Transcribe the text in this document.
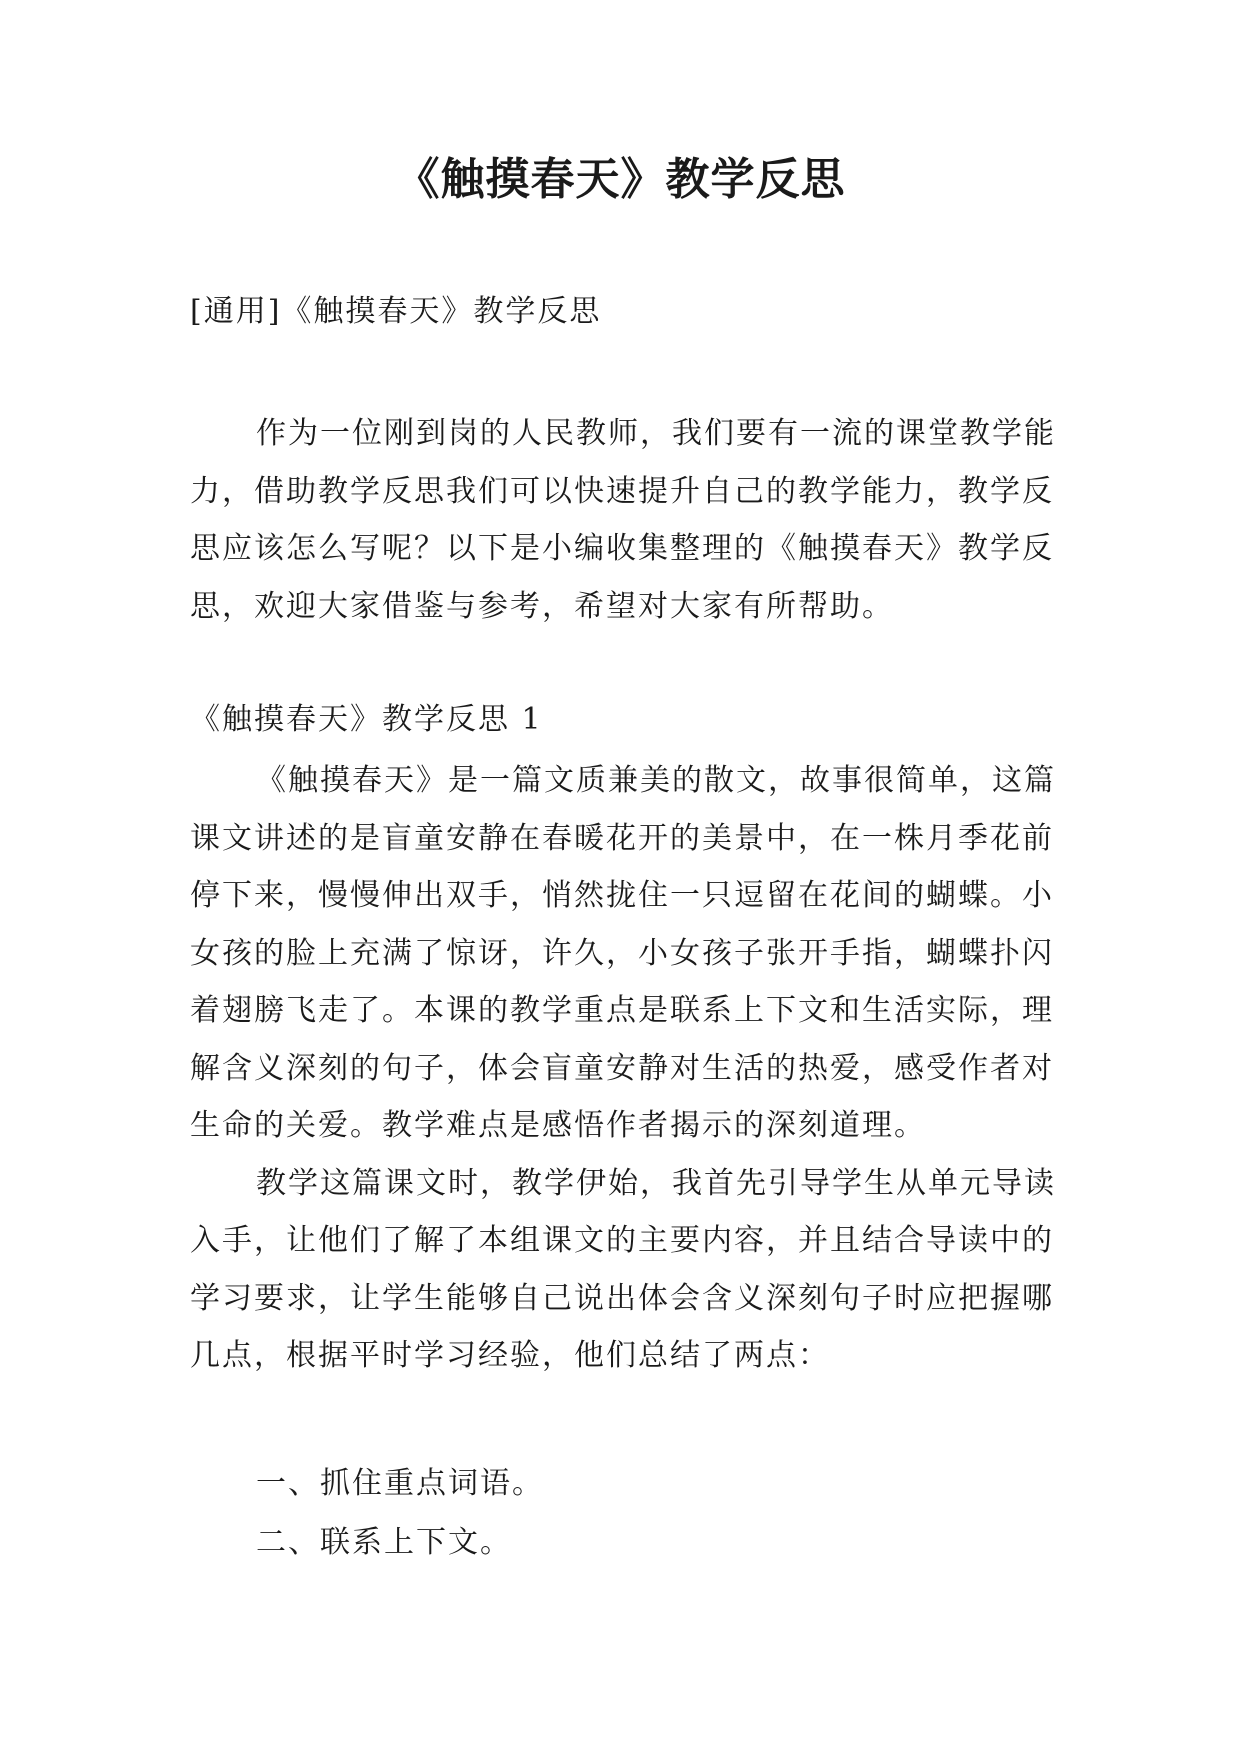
《触摸春天》教学反思
[通用]《触摸春天》教学反思

作为一位刚到岗的人民教师，我们要有一流的课堂教学能力，借助教学反思我们可以快速提升自己的教学能力，教学反思应该怎么写呢？以下是小编收集整理的《触摸春天》教学反思，欢迎大家借鉴与参考，希望对大家有所帮助。

《触摸春天》教学反思 1

《触摸春天》是一篇文质兼美的散文，故事很简单，这篇课文讲述的是盲童安静在春暖花开的美景中，在一株月季花前停下来，慢慢伸出双手，悄然拢住一只逗留在花间的蝴蝶。小女孩的脸上充满了惊讶，许久，小女孩子张开手指，蝴蝶扑闪着翅膀飞走了。本课的教学重点是联系上下文和生活实际，理解含义深刻的句子，体会盲童安静对生活的热爱，感受作者对生命的关爱。教学难点是感悟作者揭示的深刻道理。

教学这篇课文时，教学伊始，我首先引导学生从单元导读入手，让他们了解了本组课文的主要内容，并且结合导读中的学习要求，让学生能够自己说出体会含义深刻句子时应把握哪几点，根据平时学习经验，他们总结了两点：

一、抓住重点词语。
二、联系上下文。
